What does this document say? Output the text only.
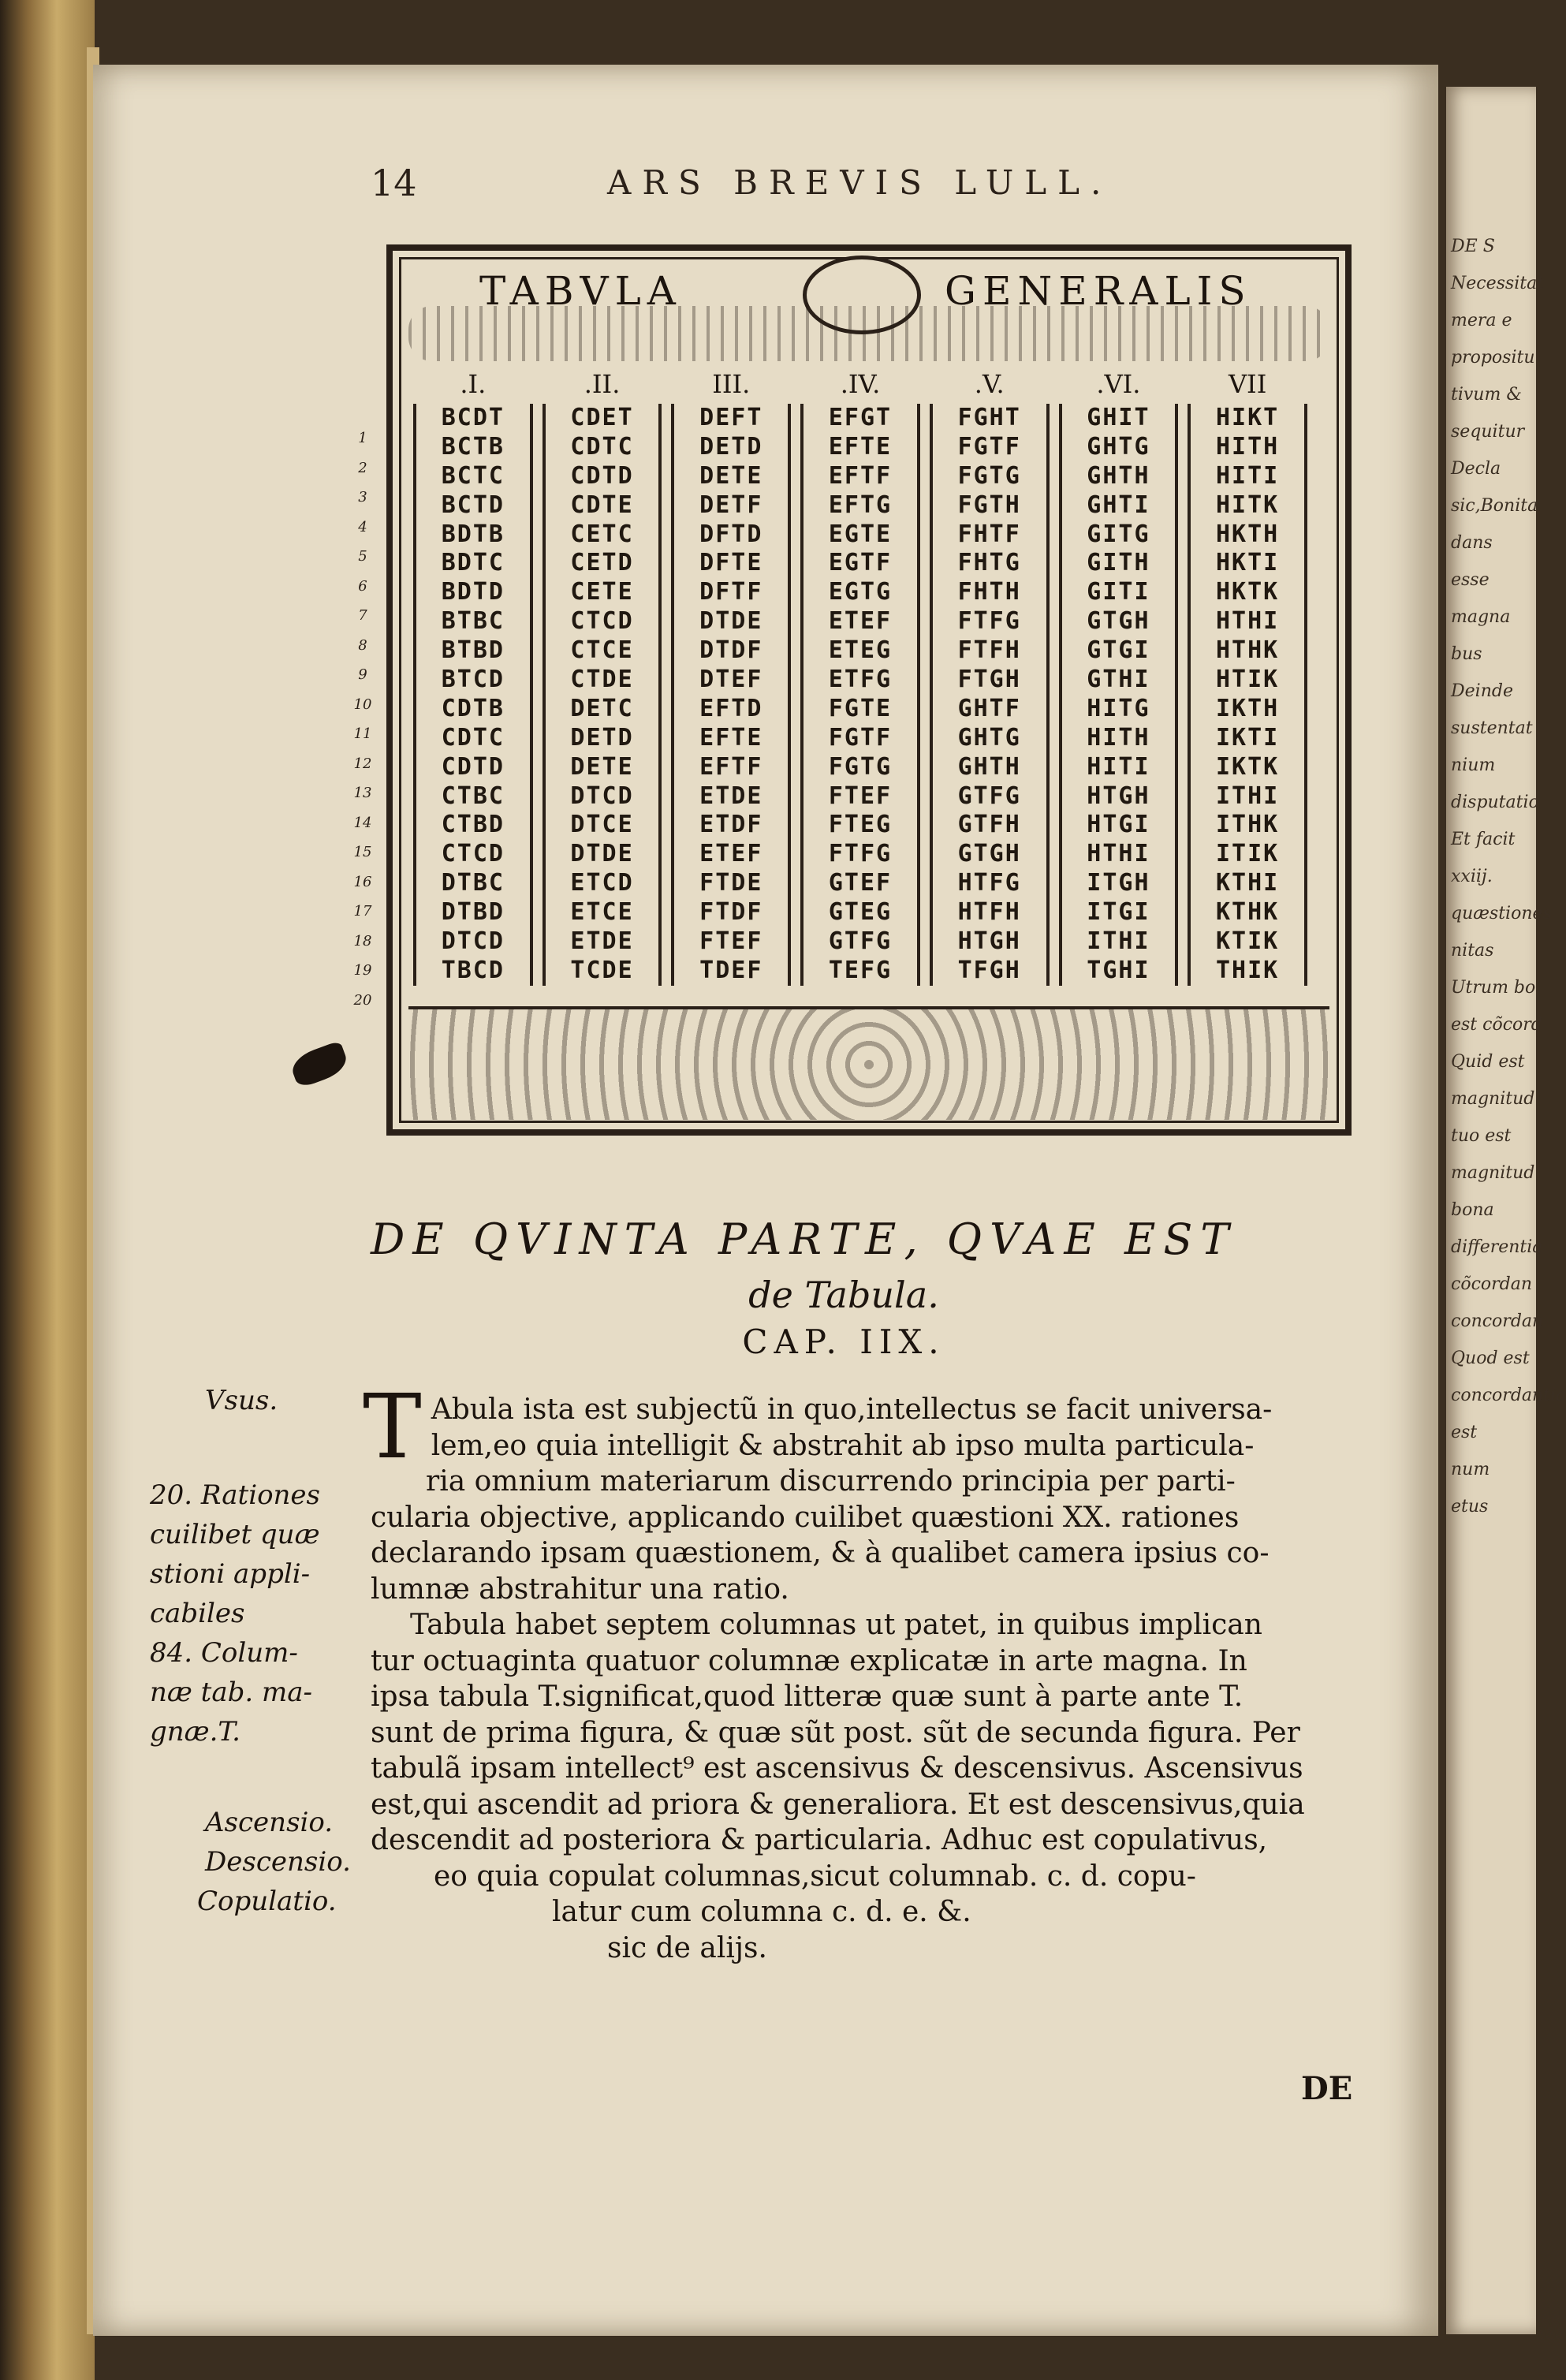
DE S
Necessitat
mera e
propositu
tivum &
sequitur
Decla
sic,Bonita
dans
esse
magna
bus
Deinde
sustentat
nium
disputatio
Et facit
xxiij.
quæstiones
nitas
Utrum bo
est cõcord
Quid est
magnitud
tuo est
magnitud
bona
differentia
cõcordan
concordan
Quod est
concordantia
est
num
etus
14	ARS BREVIS LULL.
1
2
3
4
5
6
7
8
9
10
11
12
13
14
15
16
17
18
19
20
TABVLA	GENERALIS
.I.
BCDT
BCTB
BCTC
BCTD
BDTB
BDTC
BDTD
BTBC
BTBD
BTCD
CDTB
CDTC
CDTD
CTBC
CTBD
CTCD
DTBC
DTBD
DTCD
TBCD
.II.
CDET
CDTC
CDTD
CDTE
CETC
CETD
CETE
CTCD
CTCE
CTDE
DETC
DETD
DETE
DTCD
DTCE
DTDE
ETCD
ETCE
ETDE
TCDE
III.
DEFT
DETD
DETE
DETF
DFTD
DFTE
DFTF
DTDE
DTDF
DTEF
EFTD
EFTE
EFTF
ETDE
ETDF
ETEF
FTDE
FTDF
FTEF
TDEF
.IV.
EFGT
EFTE
EFTF
EFTG
EGTE
EGTF
EGTG
ETEF
ETEG
ETFG
FGTE
FGTF
FGTG
FTEF
FTEG
FTFG
GTEF
GTEG
GTFG
TEFG
.V.
FGHT
FGTF
FGTG
FGTH
FHTF
FHTG
FHTH
FTFG
FTFH
FTGH
GHTF
GHTG
GHTH
GTFG
GTFH
GTGH
HTFG
HTFH
HTGH
TFGH
.VI.
GHIT
GHTG
GHTH
GHTI
GITG
GITH
GITI
GTGH
GTGI
GTHI
HITG
HITH
HITI
HTGH
HTGI
HTHI
ITGH
ITGI
ITHI
TGHI
VII
HIKT
HITH
HITI
HITK
HKTH
HKTI
HKTK
HTHI
HTHK
HTIK
IKTH
IKTI
IKTK
ITHI
ITHK
ITIK
KTHI
KTHK
KTIK
THIK
DE QVINTA PARTE, QVAE EST
de Tabula.
CAP. IIX.
Vsus.
20. Rationes
cuilibet quæ
stioni appli-
cabiles
84. Colum-
næ tab. ma-
gnæ.T.
Ascensio.
Descensio.
Copulatio.
T Abula ista est subjectũ in quo,intellectus se facit universa-
lem,eo quia intelligit & abstrahit ab ipso multa particula-
ria omnium materiarum discurrendo principia per parti-
cularia objective, applicando cuilibet quæstioni XX. rationes
declarando ipsam quæstionem, & à qualibet camera ipsius co-
lumnæ abstrahitur una ratio.
Tabula habet septem columnas ut patet, in quibus implican
tur octuaginta quatuor columnæ explicatæ in arte magna. In
ipsa tabula T.significat,quod litteræ quæ sunt à parte ante T.
sunt de prima figura, & quæ sũt post. sũt de secunda figura. Per
tabulã ipsam intellect⁹ est ascensivus & descensivus. Ascensivus
est,qui ascendit ad priora & generaliora. Et est descensivus,quia
descendit ad posteriora & particularia. Adhuc est copulativus,
eo quia copulat columnas,sicut columnab. c. d. copu-
latur cum columna c. d. e. &.
sic de alijs.
DE
